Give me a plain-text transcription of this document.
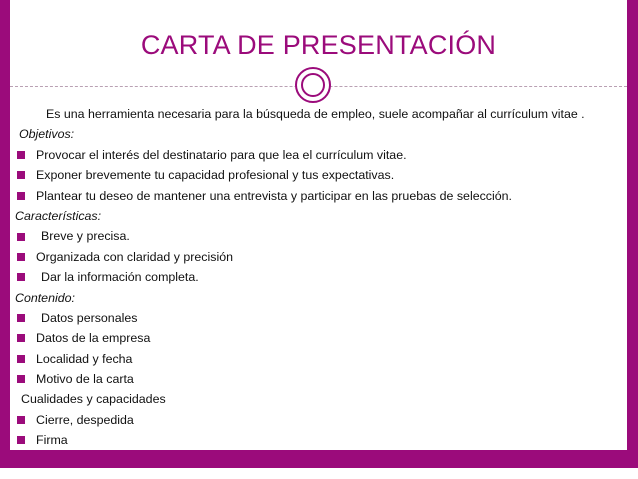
CARTA DE PRESENTACIÓN
Es una herramienta necesaria para la búsqueda de empleo, suele acompañar al currículum vitae .
Objetivos:
Provocar el interés del destinatario para que lea el currículum vitae.
Exponer brevemente tu capacidad profesional y tus expectativas.
Plantear tu deseo de mantener una entrevista y participar en las pruebas de selección.
Características:
Breve y precisa.
Organizada con claridad y precisión
Dar la información completa.
Contenido:
Datos personales
Datos de la empresa
Localidad y fecha
Motivo de la carta
Cualidades y capacidades
Cierre, despedida
Firma
